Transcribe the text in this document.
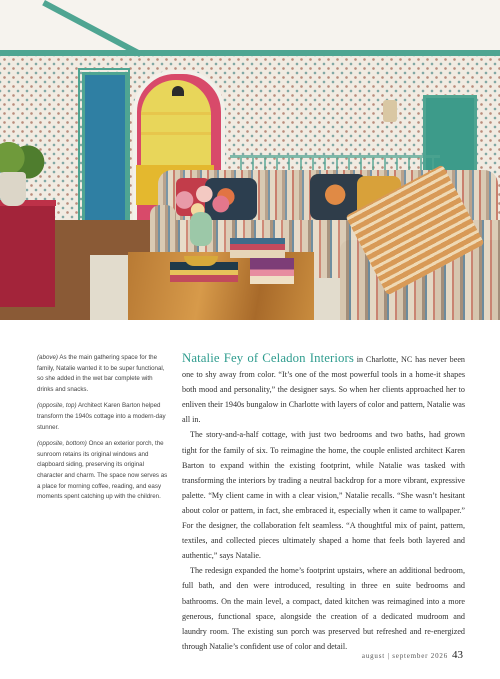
(above) As the main gathering space for the family, Natalie wanted it to be super functional, so she added in the wet bar complete with drinks and snacks.

(opposite, top) Architect Karen Barton helped transform the 1940s cottage into a modern-day stunner.

(opposite, bottom) Once an exterior porch, the sunroom retains its original windows and clapboard siding, preserving its original character and charm. The space now serves as a place for morning coffee, reading, and easy moments spent catching up with the children.

Natalie Fey of Celadon Interiors in Charlotte, NC has never been one to shy away from color. “It’s one of the most powerful tools in a home-it shapes both mood and personality,” the designer says. So when her clients approached her to enliven their 1940s bungalow in Charlotte with layers of color and pattern, Natalie was all in.

The story-and-a-half cottage, with just two bedrooms and two baths, had grown tight for the family of six. To reimagine the home, the couple enlisted architect Karen Barton to expand within the existing footprint, while Natalie was tasked with transforming the interiors by trading a neutral backdrop for a more vibrant, expressive palette. “My client came in with a clear vision,” Natalie recalls. “She wasn’t hesitant about color or pattern, in fact, she embraced it, especially when it came to wallpaper.” For the designer, the collaboration felt seamless. “A thoughtful mix of paint, pattern, textiles, and collected pieces ultimately shaped a home that feels both layered and authentic,” says Natalie.

The redesign expanded the home’s footprint upstairs, where an additional bedroom, full bath, and den were introduced, resulting in three en suite bedrooms and bathrooms. On the main level, a compact, dated kitchen was reimagined into a more generous, functional space, alongside the creation of a dedicated mudroom and laundry room. The existing sun porch was preserved but refreshed and re-energized through Natalie’s confident use of color and detail.

august | september 2026 43
